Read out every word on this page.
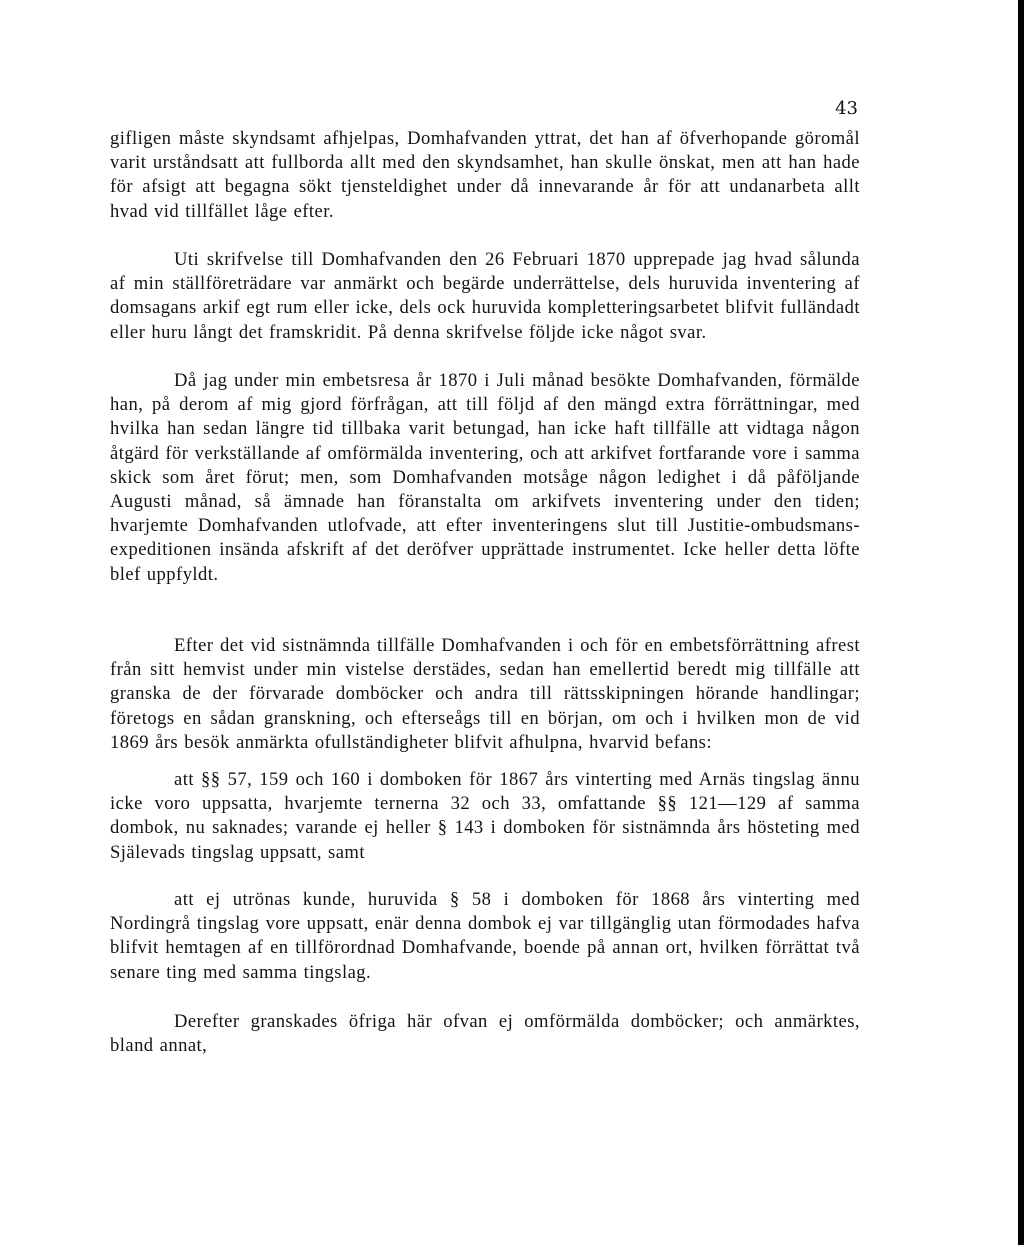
43

gifligen måste skyndsamt afhjelpas, Domhafvanden yttrat, det han af öfverhopande göromål varit urståndsatt att fullborda allt med den skyndsamhet, han skulle önskat, men att han hade för afsigt att begagna sökt tjensteldighet under då innevarande år för att undanarbeta allt hvad vid tillfället låge efter.

Uti skrifvelse till Domhafvanden den 26 Februari 1870 upprepade jag hvad sålunda af min ställföreträdare var anmärkt och begärde underrättelse, dels huruvida inventering af domsagans arkif egt rum eller icke, dels ock huruvida kompletteringsarbetet blifvit fulländadt eller huru långt det framskridit. På denna skrifvelse följde icke något svar.

Då jag under min embetsresa år 1870 i Juli månad besökte Domhafvanden, förmälde han, på derom af mig gjord förfrågan, att till följd af den mängd extra förrättningar, med hvilka han sedan längre tid tillbaka varit betungad, han icke haft tillfälle att vidtaga någon åtgärd för verkställande af omförmälda inventering, och att arkifvet fortfarande vore i samma skick som året förut; men, som Domhafvanden motsåge någon ledighet i då påföljande Augusti månad, så ämnade han föranstalta om arkifvets inventering under den tiden; hvarjemte Domhafvanden utlofvade, att efter inventeringens slut till Justitie-ombudsmans-expeditionen insända afskrift af det deröfver upprättade instrumentet. Icke heller detta löfte blef uppfyldt.

Efter det vid sistnämnda tillfälle Domhafvanden i och för en embetsförrättning afrest från sitt hemvist under min vistelse derstädes, sedan han emellertid beredt mig tillfälle att granska de der förvarade domböcker och andra till rättsskipningen hörande handlingar; företogs en sådan granskning, och efterseågs till en början, om och i hvilken mon de vid 1869 års besök anmärkta ofullständigheter blifvit afhulpna, hvarvid befans:

att §§ 57, 159 och 160 i domboken för 1867 års vinterting med Arnäs tingslag ännu icke voro uppsatta, hvarjemte ternerna 32 och 33, omfattande §§ 121—129 af samma dombok, nu saknades; varande ej heller § 143 i domboken för sistnämnda års hösteting med Själevads tingslag uppsatt, samt

att ej utrönas kunde, huruvida § 58 i domboken för 1868 års vinterting med Nordingrå tingslag vore uppsatt, enär denna dombok ej var tillgänglig utan förmodades hafva blifvit hemtagen af en tillförordnad Domhafvande, boende på annan ort, hvilken förrättat två senare ting med samma tingslag.

Derefter granskades öfriga här ofvan ej omförmälda domböcker; och anmärktes, bland annat,
